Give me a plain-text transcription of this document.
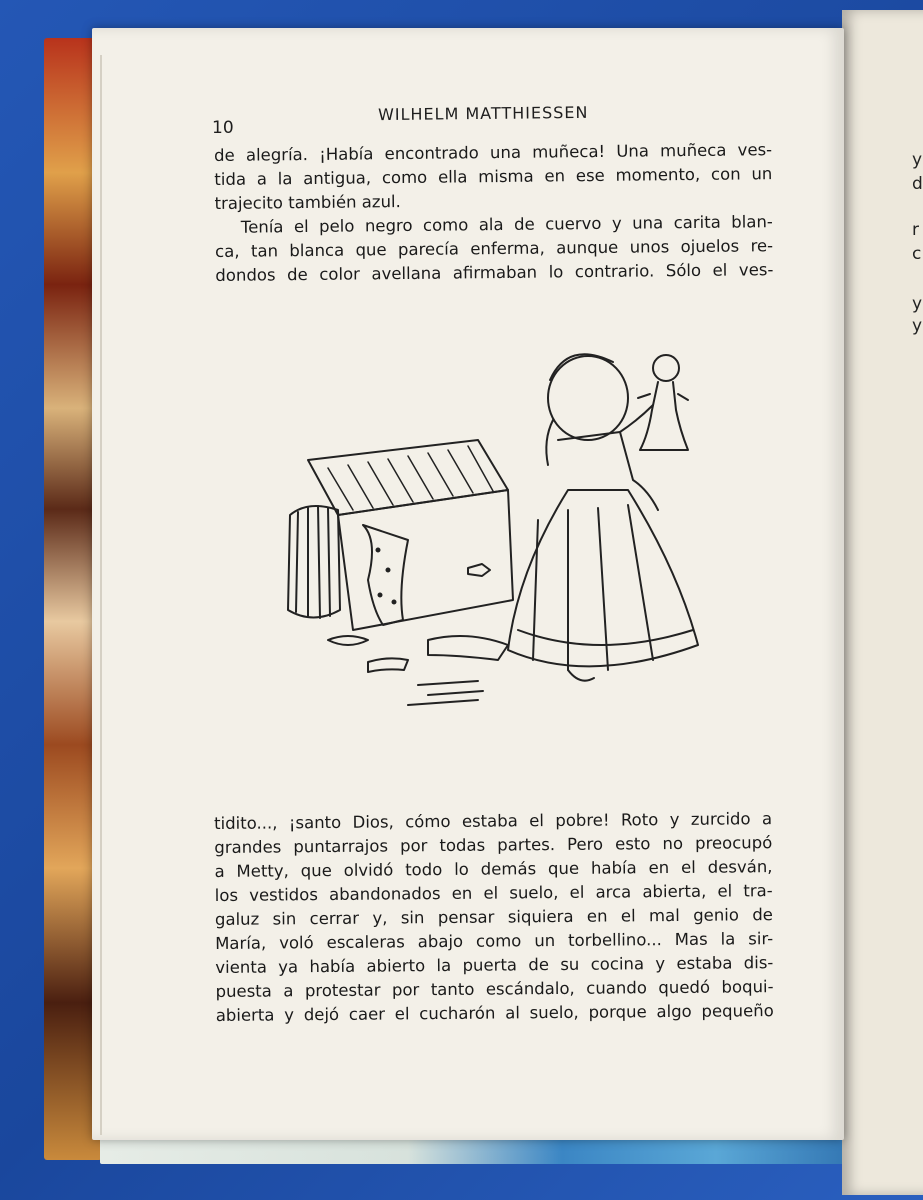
y
d
r
c
y
y
10
WILHELM MATTHIESSEN
de alegría. ¡Había encontrado una muñeca! Una muñeca ves-
tida a la antigua, como ella misma en ese momento, con un
trajecito también azul.
Tenía el pelo negro como ala de cuervo y una carita blan-
ca, tan blanca que parecía enferma, aunque unos ojuelos re-
dondos de color avellana afirmaban lo contrario. Sólo el ves-
tidito..., ¡santo Dios, cómo estaba el pobre! Roto y zurcido a
grandes puntarrajos por todas partes. Pero esto no preocupó
a Metty, que olvidó todo lo demás que había en el desván,
los vestidos abandonados en el suelo, el arca abierta, el tra-
galuz sin cerrar y, sin pensar siquiera en el mal genio de
María, voló escaleras abajo como un torbellino... Mas la sir-
vienta ya había abierto la puerta de su cocina y estaba dis-
puesta a protestar por tanto escándalo, cuando quedó boqui-
abierta y dejó caer el cucharón al suelo, porque algo pequeño
